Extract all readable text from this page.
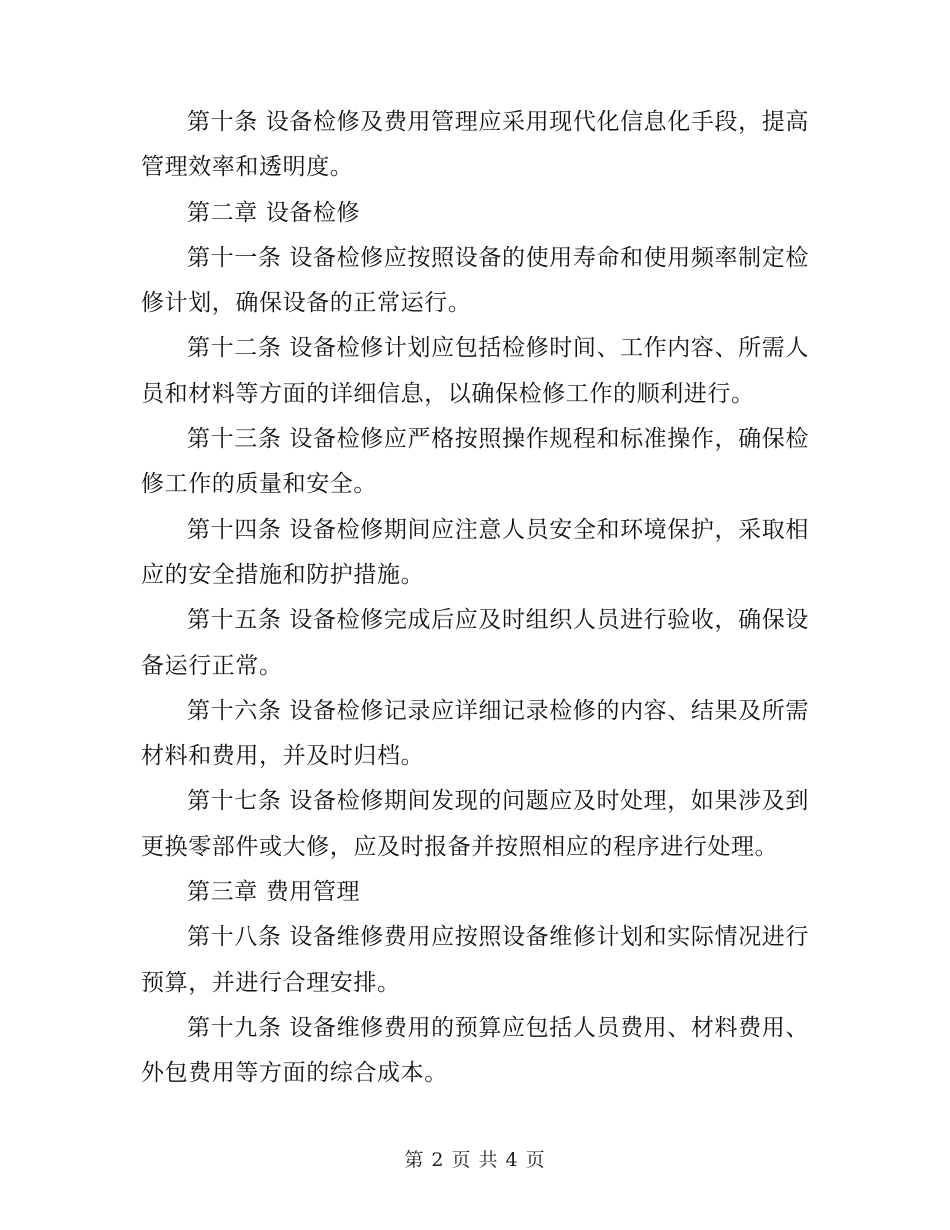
第十条 设备检修及费用管理应采用现代化信息化手段，提高管理效率和透明度。

第二章 设备检修

第十一条 设备检修应按照设备的使用寿命和使用频率制定检修计划，确保设备的正常运行。

第十二条 设备检修计划应包括检修时间、工作内容、所需人员和材料等方面的详细信息，以确保检修工作的顺利进行。

第十三条 设备检修应严格按照操作规程和标准操作，确保检修工作的质量和安全。

第十四条 设备检修期间应注意人员安全和环境保护，采取相应的安全措施和防护措施。

第十五条 设备检修完成后应及时组织人员进行验收，确保设备运行正常。

第十六条 设备检修记录应详细记录检修的内容、结果及所需材料和费用，并及时归档。

第十七条 设备检修期间发现的问题应及时处理，如果涉及到更换零部件或大修，应及时报备并按照相应的程序进行处理。

第三章 费用管理

第十八条 设备维修费用应按照设备维修计划和实际情况进行预算，并进行合理安排。

第十九条 设备维修费用的预算应包括人员费用、材料费用、外包费用等方面的综合成本。

第 2 页 共 4 页
